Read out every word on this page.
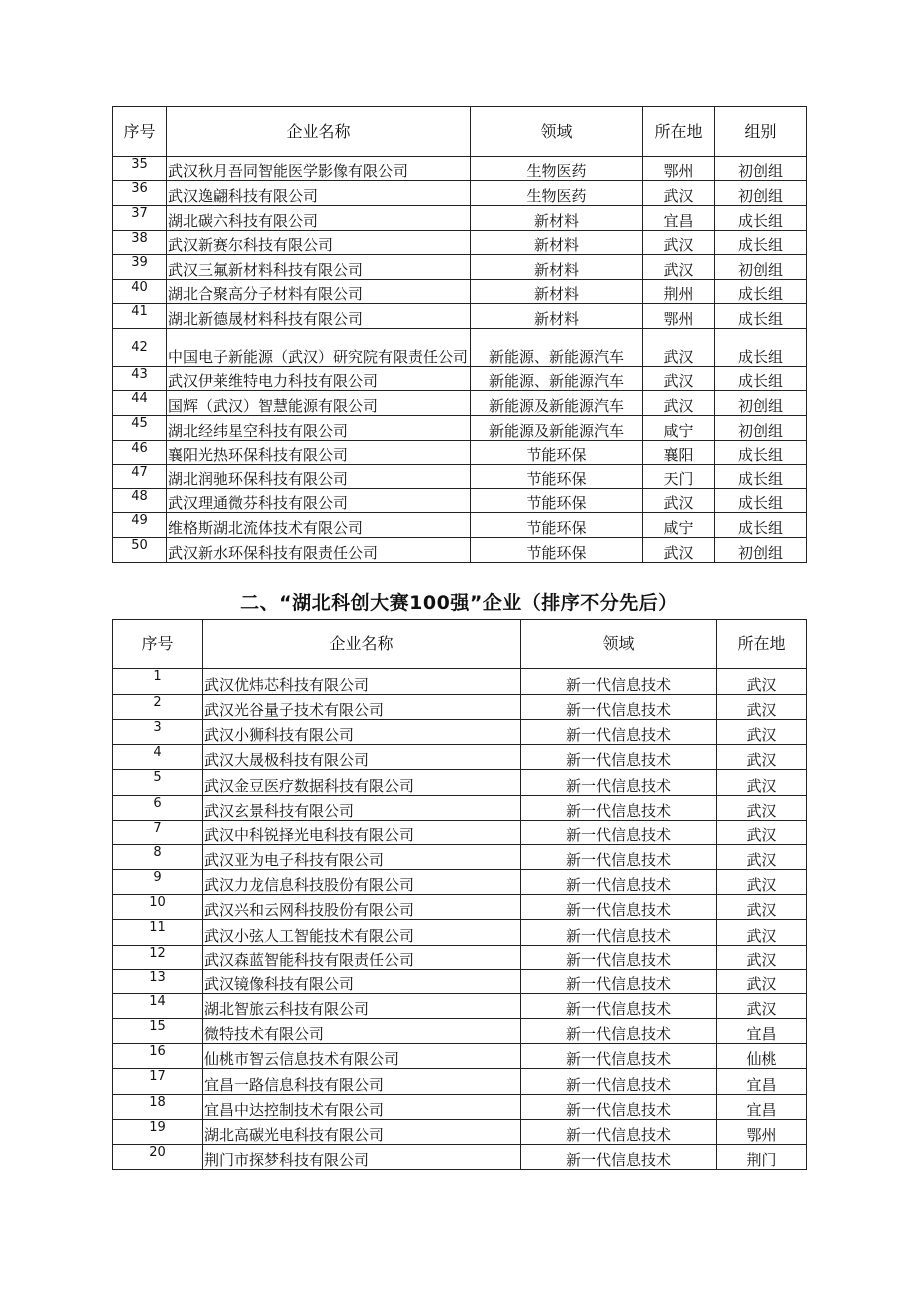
序号	企业名称	领域	所在地	组别
35	武汉秋月吾同智能医学影像有限公司	生物医药	鄂州	初创组
36	武汉逸翩科技有限公司	生物医药	武汉	初创组
37	湖北碳六科技有限公司	新材料	宜昌	成长组
38	武汉新赛尔科技有限公司	新材料	武汉	成长组
39	武汉三氟新材料科技有限公司	新材料	武汉	初创组
40	湖北合聚高分子材料有限公司	新材料	荆州	成长组
41	湖北新德晟材料科技有限公司	新材料	鄂州	成长组
42	中国电子新能源（武汉）研究院有限责任公司	新能源、新能源汽车	武汉	成长组
43	武汉伊莱维特电力科技有限公司	新能源、新能源汽车	武汉	成长组
44	国辉（武汉）智慧能源有限公司	新能源及新能源汽车	武汉	初创组
45	湖北经纬星空科技有限公司	新能源及新能源汽车	咸宁	初创组
46	襄阳光热环保科技有限公司	节能环保	襄阳	成长组
47	湖北润驰环保科技有限公司	节能环保	天门	成长组
48	武汉理通微芬科技有限公司	节能环保	武汉	成长组
49	维格斯湖北流体技术有限公司	节能环保	咸宁	成长组
50	武汉新水环保科技有限责任公司	节能环保	武汉	初创组
二、“湖北科创大赛100强”企业（排序不分先后）
序号	企业名称	领域	所在地
1	武汉优炜芯科技有限公司	新一代信息技术	武汉
2	武汉光谷量子技术有限公司	新一代信息技术	武汉
3	武汉小狮科技有限公司	新一代信息技术	武汉
4	武汉大晟极科技有限公司	新一代信息技术	武汉
5	武汉金豆医疗数据科技有限公司	新一代信息技术	武汉
6	武汉玄景科技有限公司	新一代信息技术	武汉
7	武汉中科锐择光电科技有限公司	新一代信息技术	武汉
8	武汉亚为电子科技有限公司	新一代信息技术	武汉
9	武汉力龙信息科技股份有限公司	新一代信息技术	武汉
10	武汉兴和云网科技股份有限公司	新一代信息技术	武汉
11	武汉小弦人工智能技术有限公司	新一代信息技术	武汉
12	武汉森蓝智能科技有限责任公司	新一代信息技术	武汉
13	武汉镜像科技有限公司	新一代信息技术	武汉
14	湖北智旅云科技有限公司	新一代信息技术	武汉
15	微特技术有限公司	新一代信息技术	宜昌
16	仙桃市智云信息技术有限公司	新一代信息技术	仙桃
17	宜昌一路信息科技有限公司	新一代信息技术	宜昌
18	宜昌中达控制技术有限公司	新一代信息技术	宜昌
19	湖北高碳光电科技有限公司	新一代信息技术	鄂州
20	荆门市探梦科技有限公司	新一代信息技术	荆门
